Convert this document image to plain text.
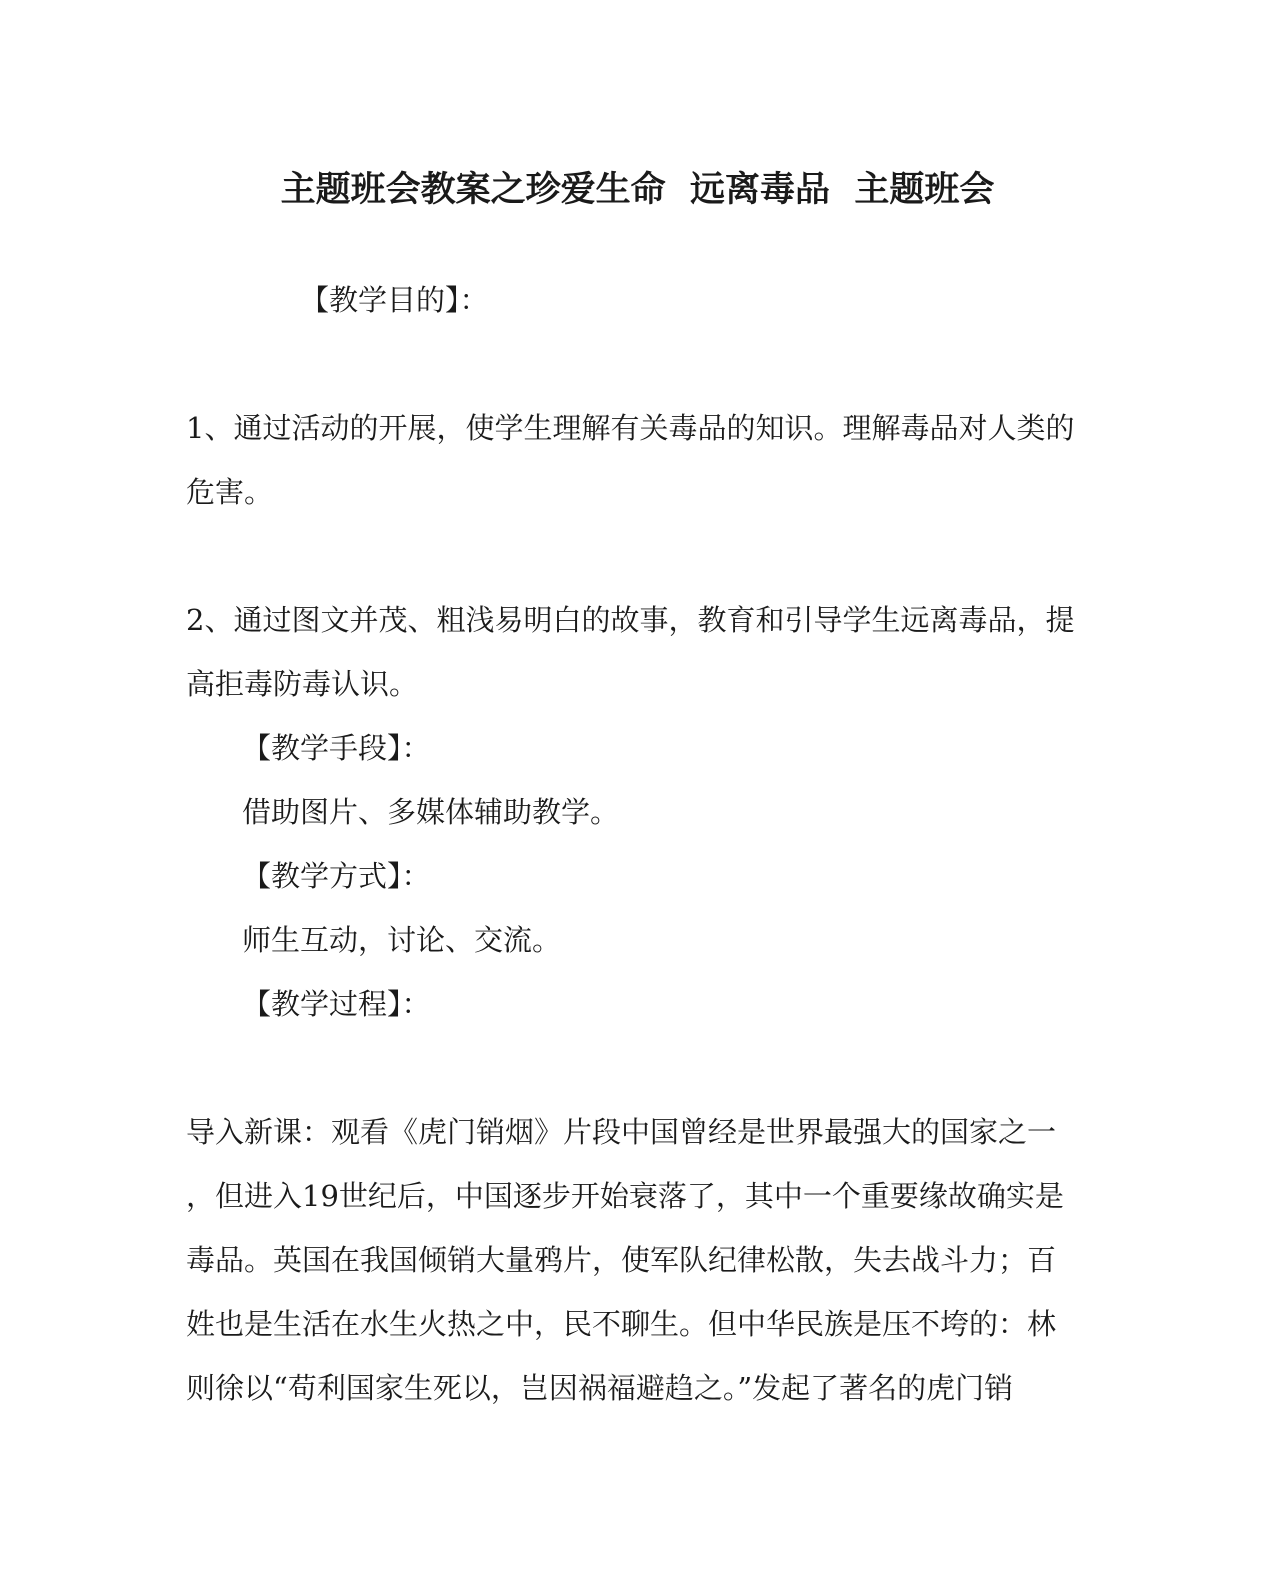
主题班会教案之珍爱生命  远离毒品  主题班会
【教学目的】：
1、通过活动的开展，使学生理解有关毒品的知识。理解毒品对人类的
危害。
2、通过图文并茂、粗浅易明白的故事，教育和引导学生远离毒品，提
高拒毒防毒认识。
【教学手段】：
借助图片、多媒体辅助教学。
【教学方式】：
师生互动，讨论、交流。
【教学过程】：
导入新课：观看《虎门销烟》片段中国曾经是世界最强大的国家之一
，但进入19世纪后，中国逐步开始衰落了，其中一个重要缘故确实是
毒品。英国在我国倾销大量鸦片，使军队纪律松散，失去战斗力；百
姓也是生活在水生火热之中，民不聊生。但中华民族是压不垮的：林
则徐以“苟利国家生死以，岂因祸福避趋之。”发起了著名的虎门销
